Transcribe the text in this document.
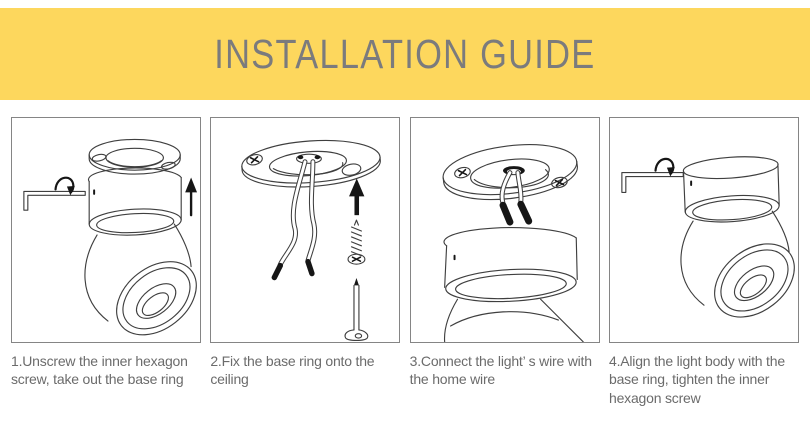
INSTALLATION GUIDE
1.Unscrew the inner hexagon screw, take out the base ring
2.Fix the base ring onto the ceiling
3.Connect the light’ s wire with the home wire
4.Align the light body with the base ring, tighten the inner hexagon screw
